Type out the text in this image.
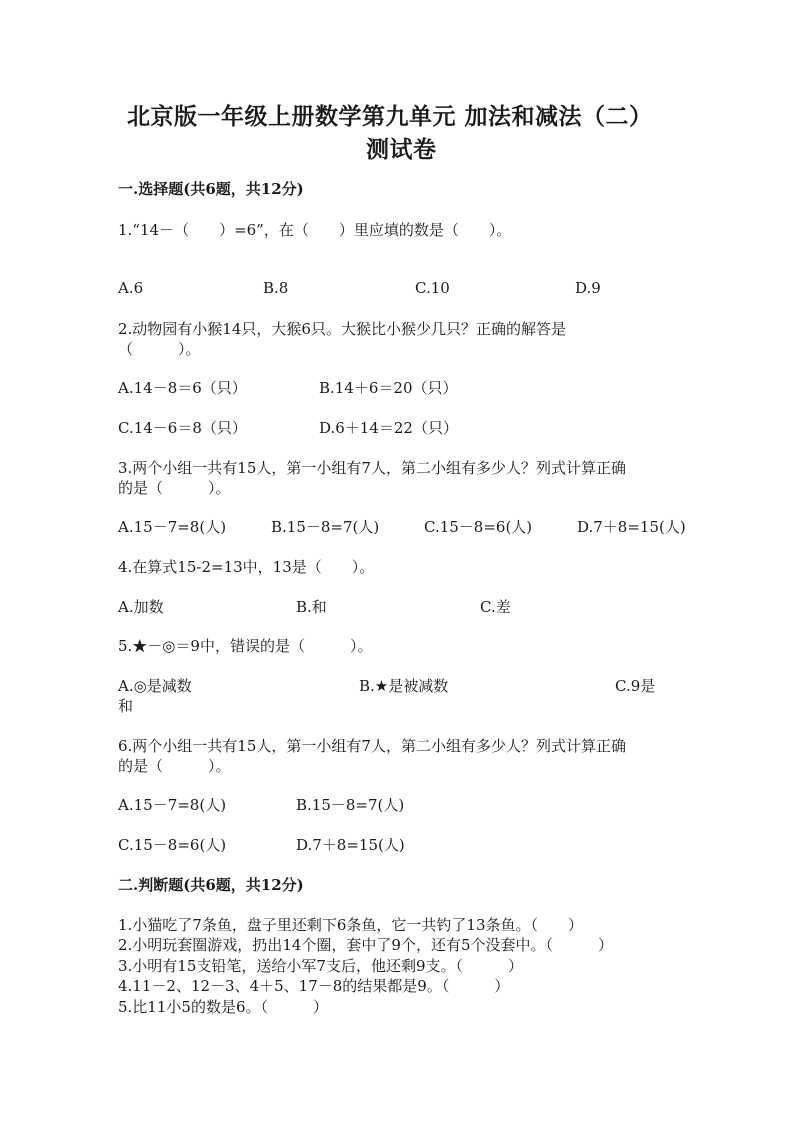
北京版一年级上册数学第九单元 加法和减法（二）
测试卷
一.选择题(共6题，共12分)
1.“14－（　　）=6”，在（　　）里应填的数是（　　）。
A.6	B.8	C.10	D.9
2.动物园有小猴14只，大猴6只。大猴比小猴少几只？正确的解答是
（　　　）。
A.14－8＝6（只）	B.14＋6＝20（只）
C.14－6＝8（只）	D.6＋14＝22（只）
3.两个小组一共有15人，第一小组有7人，第二小组有多少人？列式计算正确
的是（　　　）。
A.15－7=8(人)	B.15－8=7(人)	C.15－8=6(人)	D.7＋8=15(人)
4.在算式15-2=13中，13是（　　）。
A.加数	B.和	C.差
5.★－◎＝9中，错误的是（　　　）。
A.◎是减数	B.★是被减数	C.9是
和
6.两个小组一共有15人，第一小组有7人，第二小组有多少人？列式计算正确
的是（　　　）。
A.15－7=8(人)	B.15－8=7(人)
C.15－8=6(人)	D.7＋8=15(人)
二.判断题(共6题，共12分)
1.小猫吃了7条鱼，盘子里还剩下6条鱼，它一共钓了13条鱼。（　　）
2.小明玩套圈游戏，扔出14个圈，套中了9个，还有5个没套中。（　　　）
3.小明有15支铅笔，送给小军7支后，他还剩9支。（　　　）
4.11－2、12－3、4＋5、17－8的结果都是9。（　　　）
5.比11小5的数是6。（　　　）
